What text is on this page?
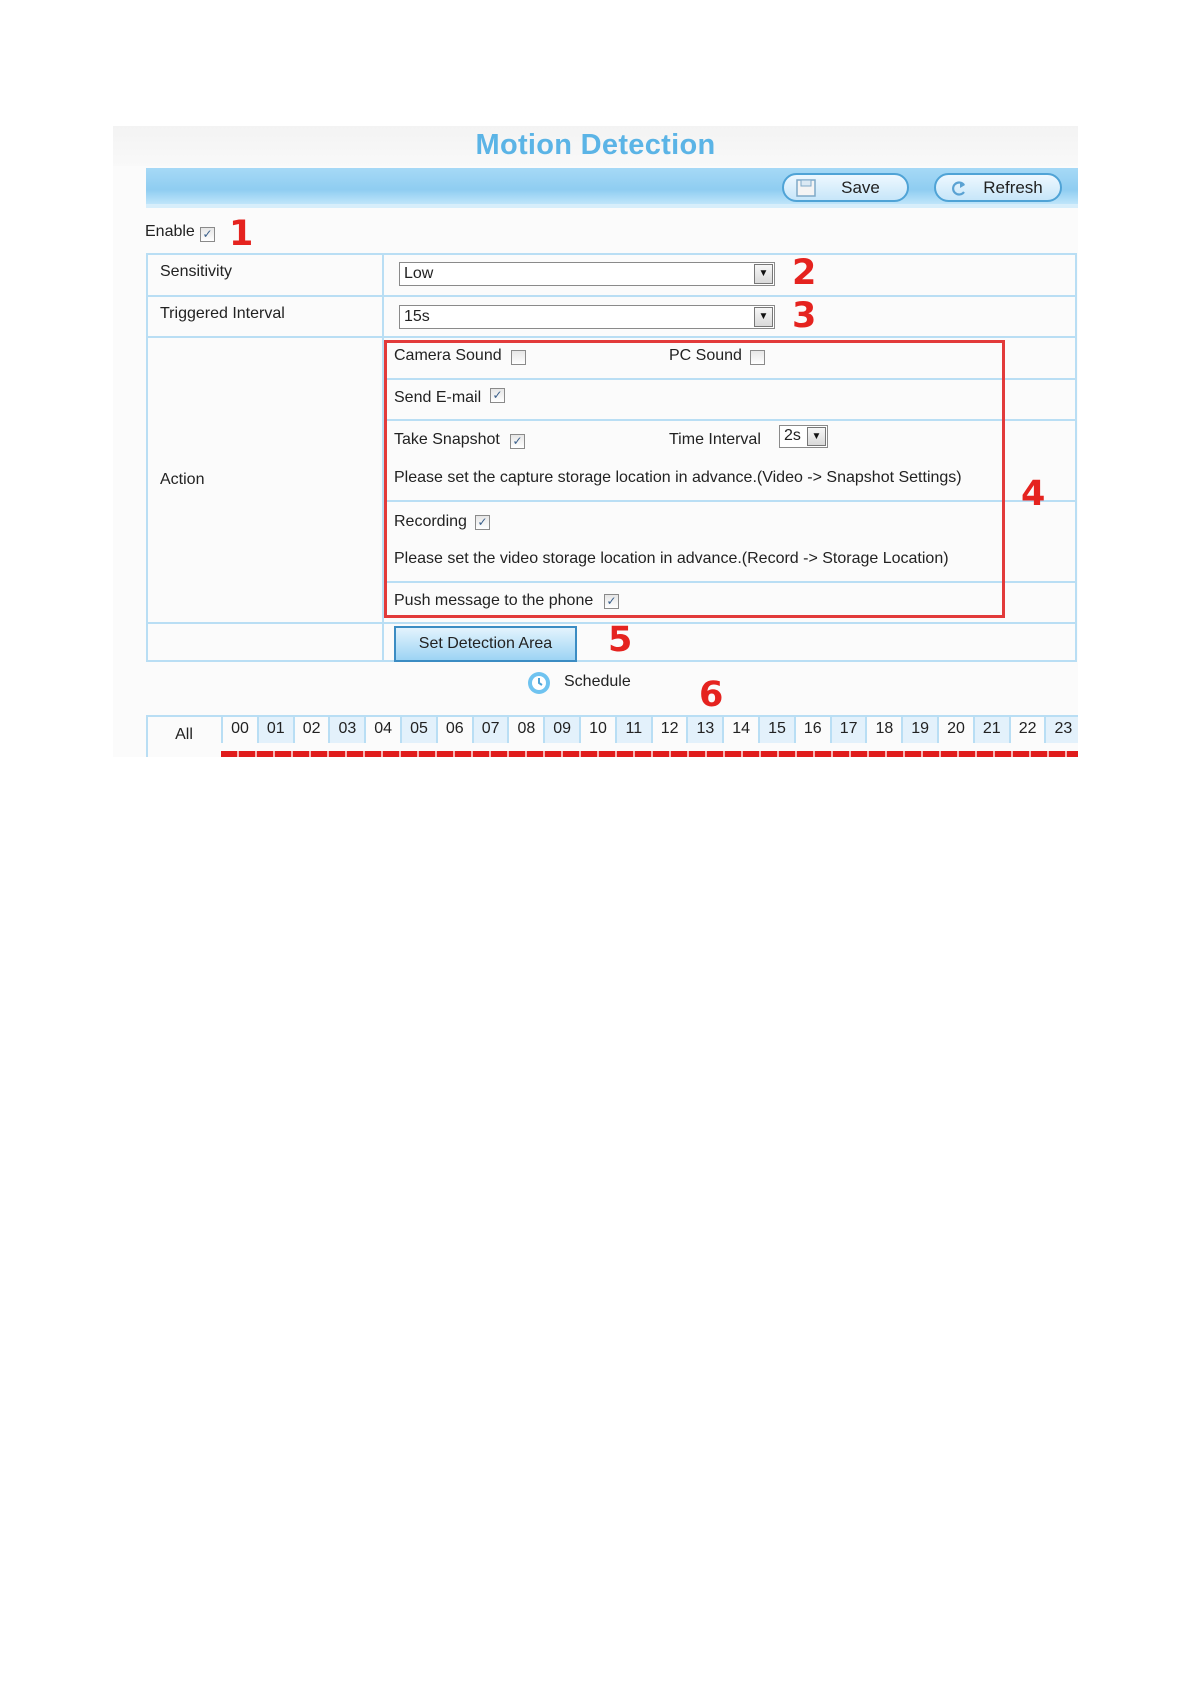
Motion Detection
Save	Refresh
Enable ✓ 1
Sensitivity	Low	▼ 2
Triggered Interval	15s	▼ 3
Action
Camera Sound	PC Sound
Send E-mail ✓
Take Snapshot ✓	Time Interval	2s	▼
Please set the capture storage location in advance.(Video -> Snapshot Settings)
Recording ✓
Please set the video storage location in advance.(Record -> Storage Location)
Push message to the phone ✓
4
Set Detection Area	5
Schedule 6
All	00	01	02	03	04	05	06	07	08	09	10	11	12	13	14	15	16	17	18	19	20	21	22	23
